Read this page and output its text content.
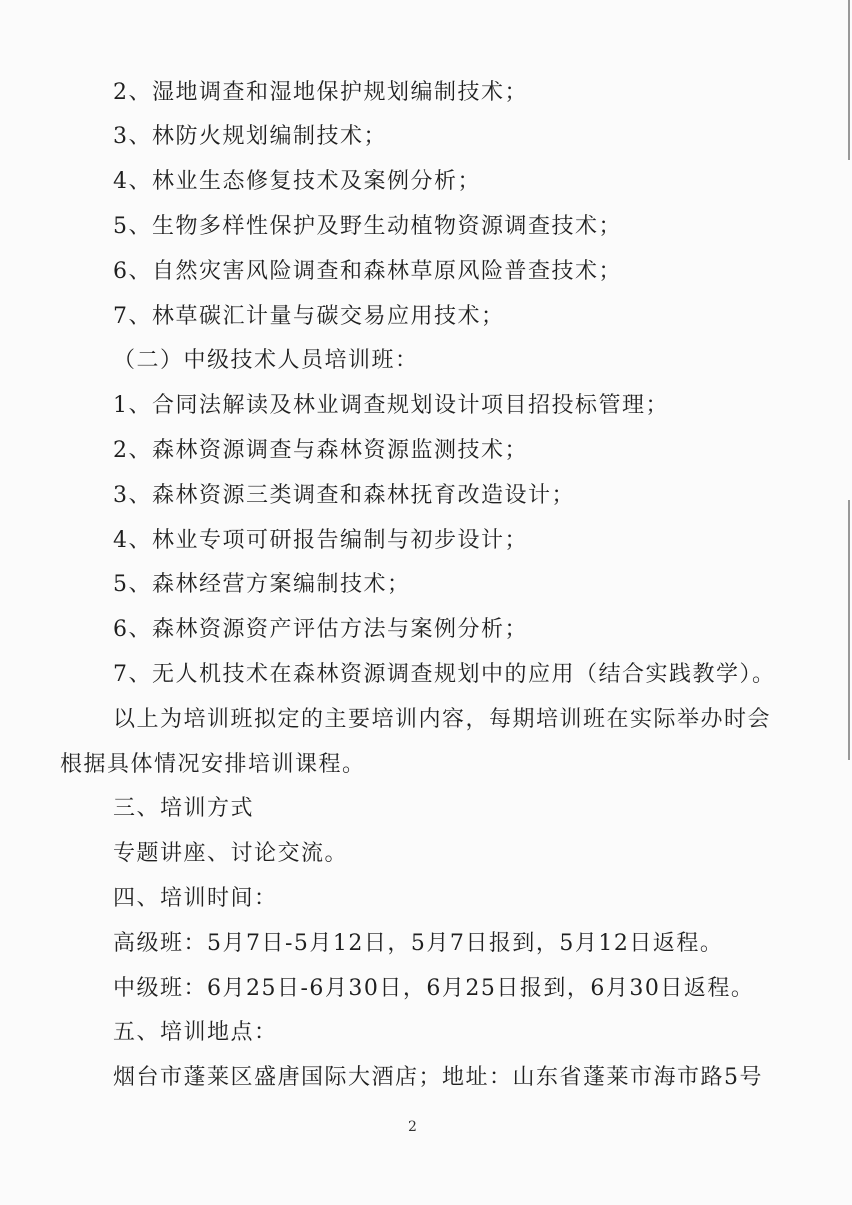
2、湿地调查和湿地保护规划编制技术；
3、林防火规划编制技术；
4、林业生态修复技术及案例分析；
5、生物多样性保护及野生动植物资源调查技术；
6、自然灾害风险调查和森林草原风险普查技术；
7、林草碳汇计量与碳交易应用技术；
（二）中级技术人员培训班：
1、合同法解读及林业调查规划设计项目招投标管理；
2、森林资源调查与森林资源监测技术；
3、森林资源三类调查和森林抚育改造设计；
4、林业专项可研报告编制与初步设计；
5、森林经营方案编制技术；
6、森林资源资产评估方法与案例分析；
7、无人机技术在森林资源调查规划中的应用（结合实践教学）。
以上为培训班拟定的主要培训内容，每期培训班在实际举办时会
根据具体情况安排培训课程。
三、培训方式
专题讲座、讨论交流。
四、培训时间：
高级班：5月7日-5月12日，5月7日报到，5月12日返程。
中级班：6月25日-6月30日，6月25日报到，6月30日返程。
五、培训地点：
烟台市蓬莱区盛唐国际大酒店；地址：山东省蓬莱市海市路5号
2
